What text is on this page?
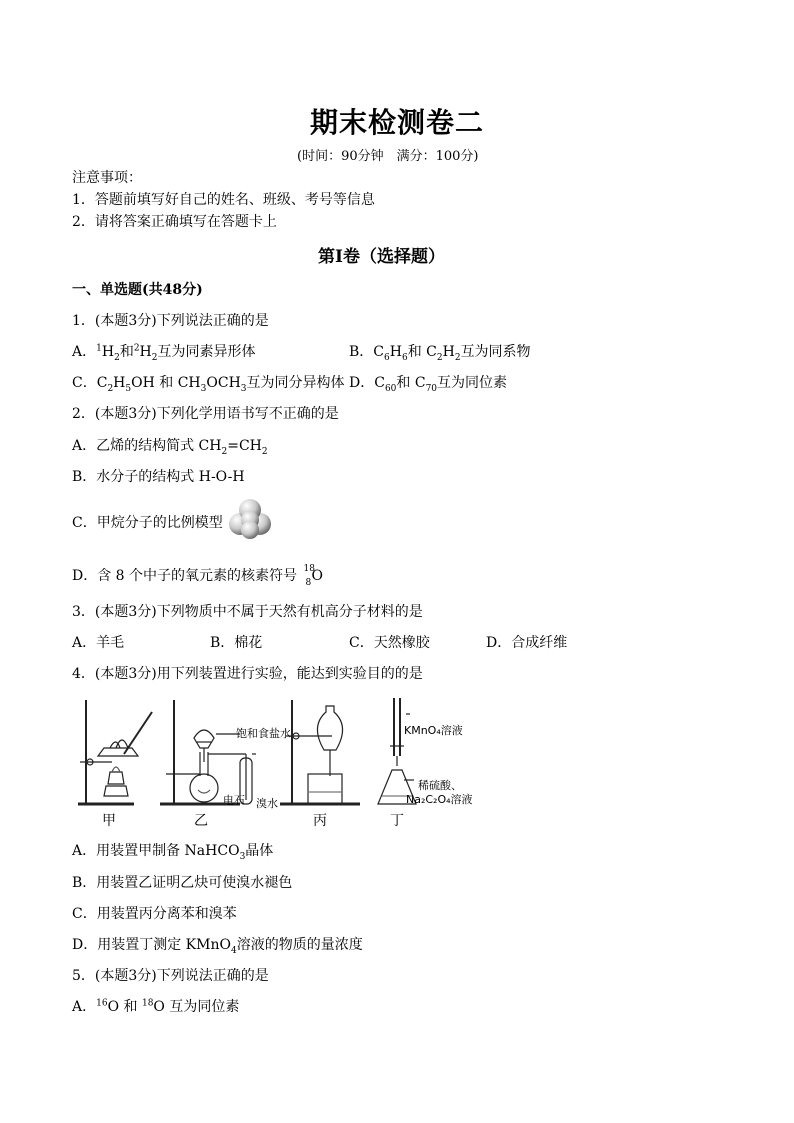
期末检测卷二
(时间：90分钟　满分：100分)
注意事项：
1．答题前填写好自己的姓名、班级、考号等信息
2．请将答案正确填写在答题卡上
第I卷（选择题）
一、单选题(共48分)
1．(本题3分)下列说法正确的是
A．$^1H_2$和$^2H_2$互为同素异形体	B．$C_6H_6$和 $C_2H_2$互为同系物
C．$C_2H_5OH$ 和 $CH_3OCH_3$互为同分异构体 D．$C_{60}$和 $C_{70}$互为同位素
2．(本题3分)下列化学用语书写不正确的是
A．乙烯的结构简式 $CH_2=CH_2$
B．水分子的结构式 H-O-H
C．甲烷分子的比例模型
D．含 8 个中子的氧元素的核素符号 18
8 O
3．(本题3分)下列物质中不属于天然有机高分子材料的是
A．羊毛	B．棉花	C．天然橡胶	D．合成纤维
4．(本题3分)用下列装置进行实验，能达到实验目的的是
饱和食盐水
电石 溴水
KMnO₄溶液
稀硫酸、
Na₂C₂O₄溶液
甲	乙	丙	丁
A．用装置甲制备 NaHCO$_3$晶体
B．用装置乙证明乙炔可使溴水褪色
C．用装置丙分离苯和溴苯
D．用装置丁测定 KMnO$_4$溶液的物质的量浓度
5．(本题3分)下列说法正确的是
A．$^{16}$O 和 $^{18}$O 互为同位素
